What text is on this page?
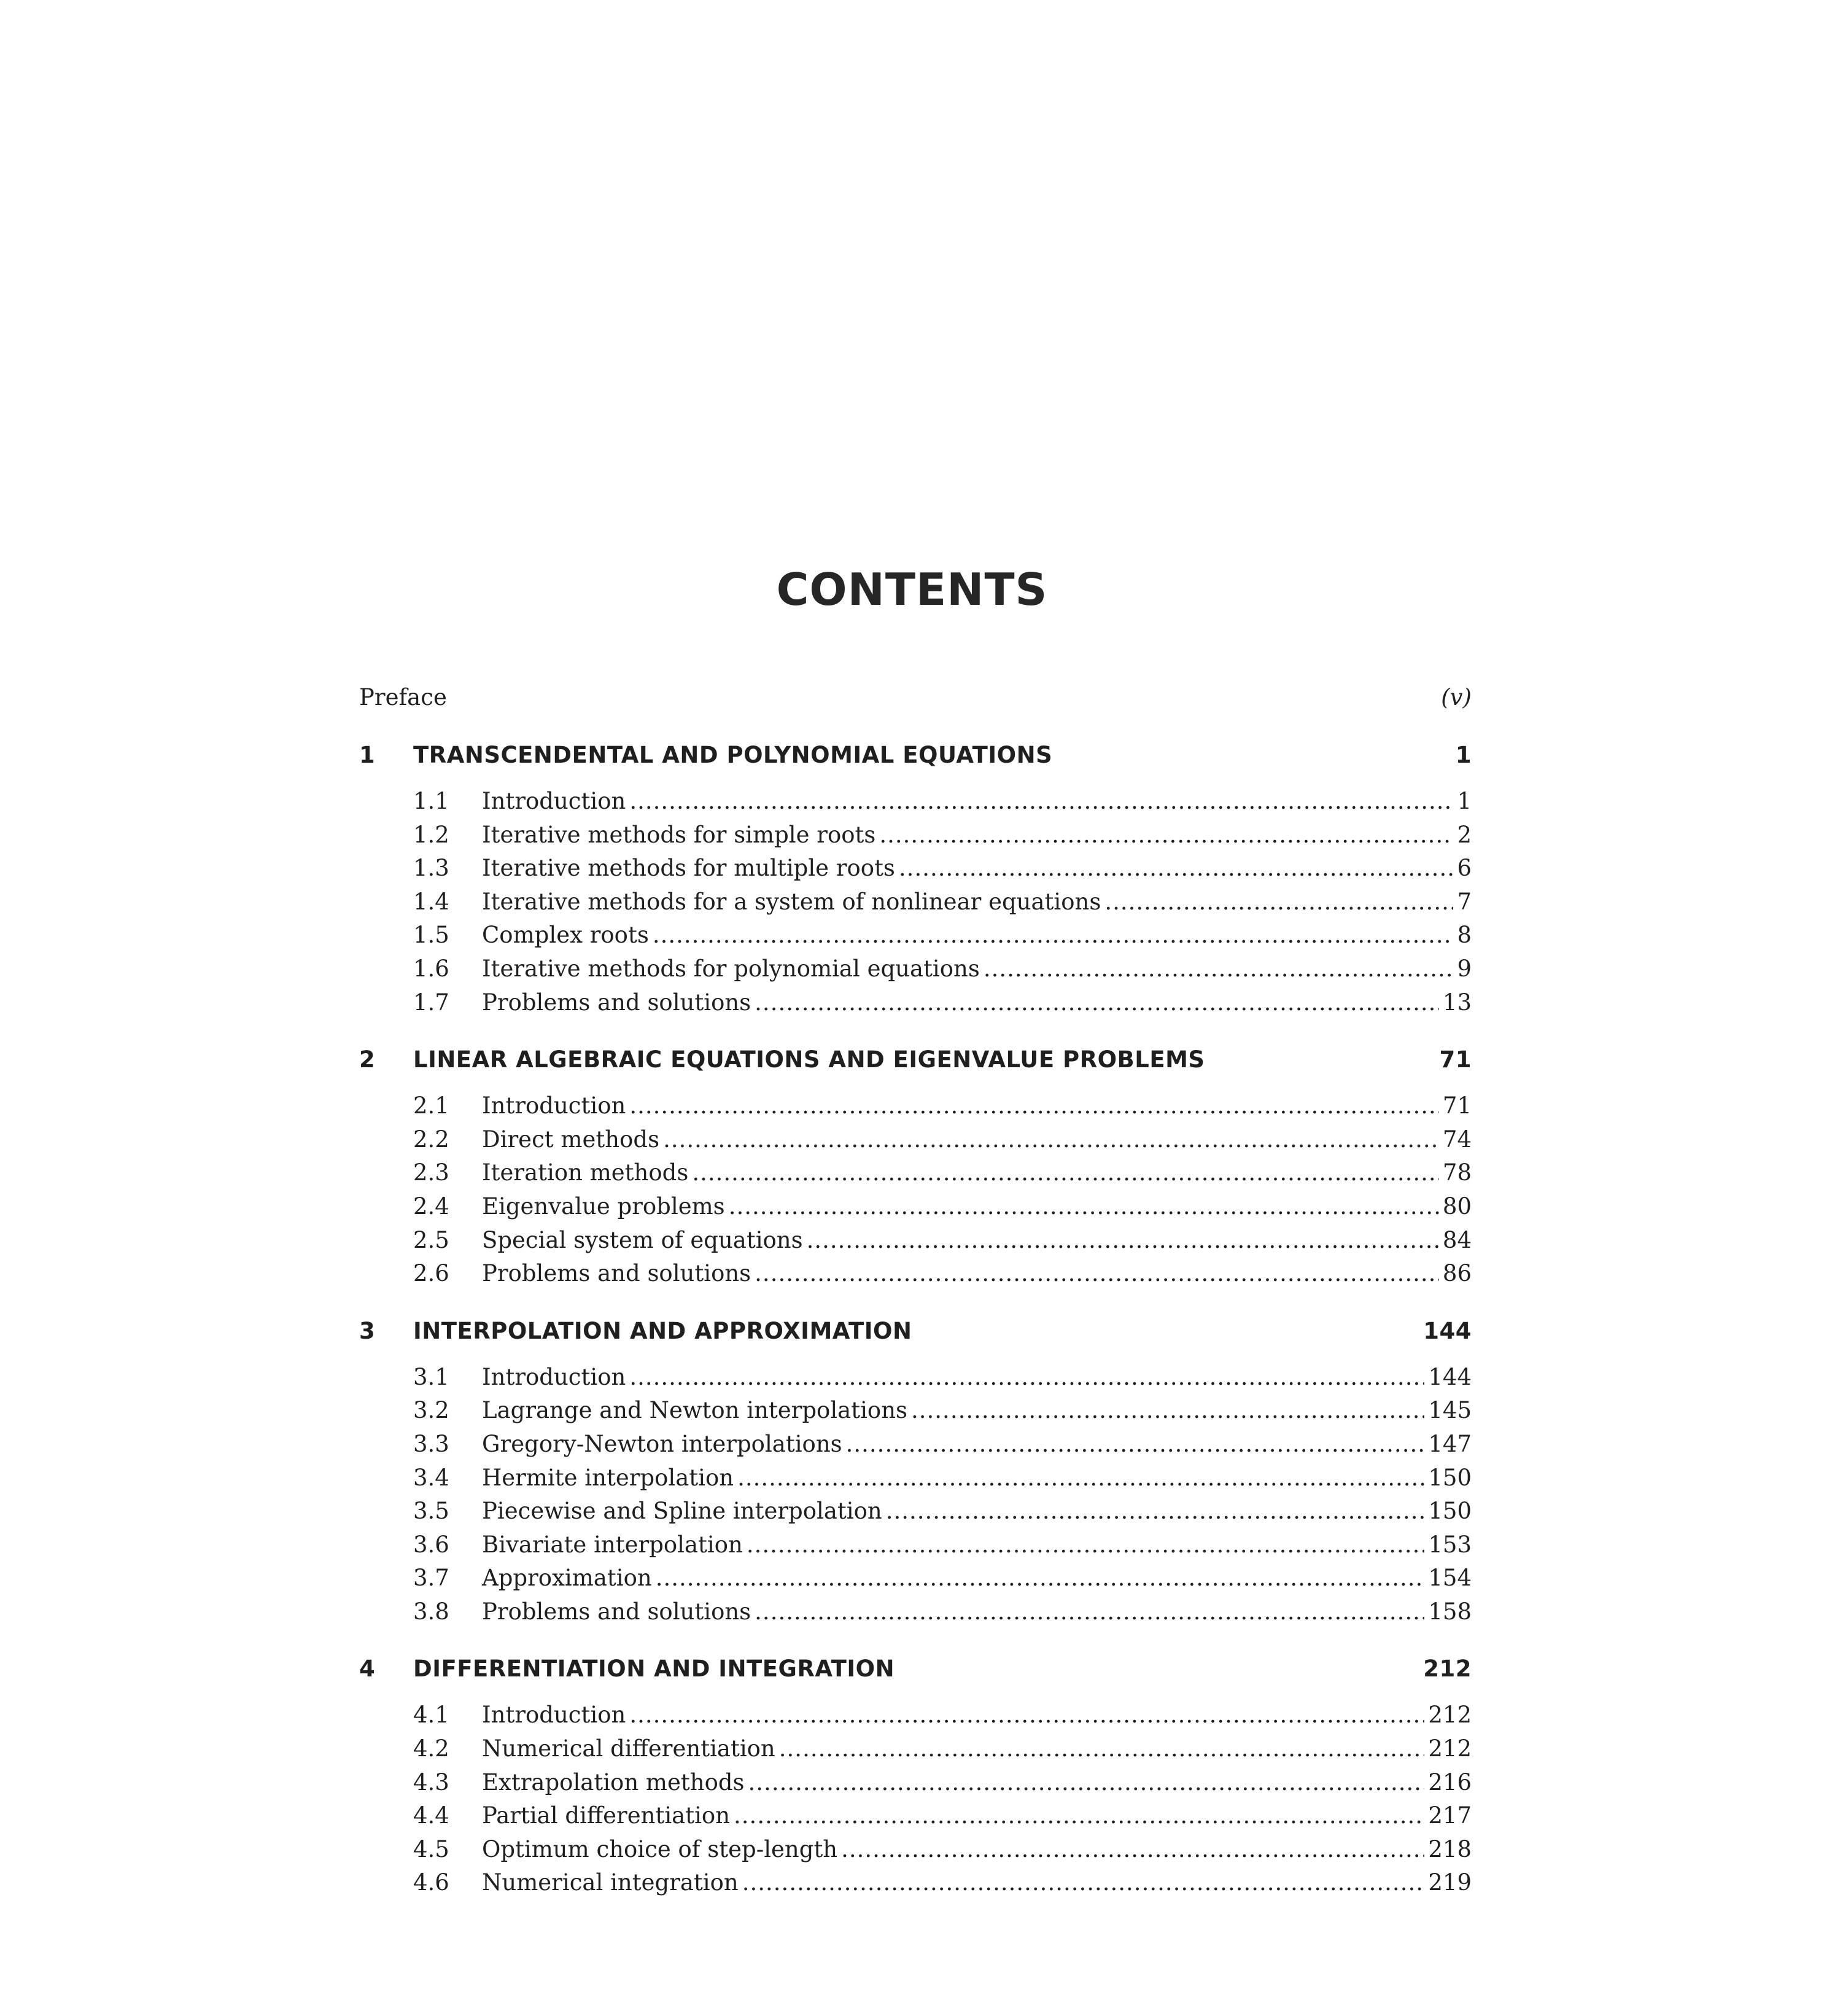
CONTENTS
Preface	(v)
1	TRANSCENDENTAL AND POLYNOMIAL EQUATIONS	1
1.1	Introduction .....	1
1.2	Iterative methods for simple roots .....	2
1.3	Iterative methods for multiple roots .....	6
1.4	Iterative methods for a system of nonlinear equations .....	7
1.5	Complex roots .....	8
1.6	Iterative methods for polynomial equations .....	9
1.7	Problems and solutions .....	13
2	LINEAR ALGEBRAIC EQUATIONS AND EIGENVALUE PROBLEMS	71
2.1	Introduction .....	71
2.2	Direct methods .....	74
2.3	Iteration methods .....	78
2.4	Eigenvalue problems .....	80
2.5	Special system of equations .....	84
2.6	Problems and solutions .....	86
3	INTERPOLATION AND APPROXIMATION	144
3.1	Introduction .....	144
3.2	Lagrange and Newton interpolations .....	145
3.3	Gregory-Newton interpolations .....	147
3.4	Hermite interpolation .....	150
3.5	Piecewise and Spline interpolation .....	150
3.6	Bivariate interpolation .....	153
3.7	Approximation .....	154
3.8	Problems and solutions .....	158
4	DIFFERENTIATION AND INTEGRATION	212
4.1	Introduction .....	212
4.2	Numerical differentiation .....	212
4.3	Extrapolation methods .....	216
4.4	Partial differentiation .....	217
4.5	Optimum choice of step-length .....	218
4.6	Numerical integration .....	219
